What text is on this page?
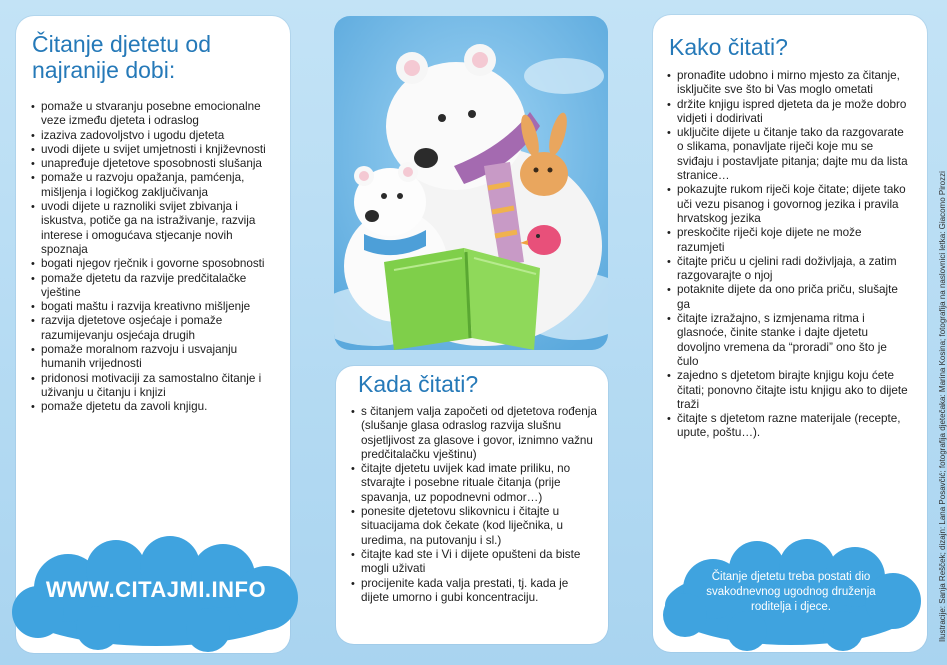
Čitanje djetetu od najranije dobi:
• pomaže u stvaranju posebne emocionalne veze između djeteta i odraslog
• izaziva zadovoljstvo i ugodu djeteta
• uvodi dijete u svijet umjetnosti i književnosti
• unapređuje djetetove sposobnosti slušanja
• pomaže u razvoju opažanja, pamćenja, mišljenja i logičkog zaključivanja
• uvodi dijete u raznoliki svijet zbivanja i iskustva, potiče ga na istraživanje, razvija interese i omogućava stjecanje novih spoznaja
• bogati njegov rječnik i govorne sposobnosti
• pomaže djetetu da razvije predčitalačke vještine
• bogati maštu i razvija kreativno mišljenje
• razvija djetetove osjećaje i pomaže razumijevanju osjećaja drugih
• pomaže moralnom razvoju i usvajanju humanih vrijednosti
• pridonosi motivaciji za samostalno čitanje i uživanju u čitanju i knjizi
• pomaže djetetu da zavoli knjigu.
WWW.CITAJMI.INFO
Kada čitati?
• s čitanjem valja započeti od djetetova rođenja (slušanje glasa odraslog razvija slušnu osjetljivost za glasove i govor, iznimno važnu predčitalačku vještinu)
• čitajte djetetu uvijek kad imate priliku, no stvarajte i posebne rituale čitanja (prije spavanja, uz popodnevni odmor…)
• ponesite djetetovu slikovnicu i čitajte u situacijama dok čekate (kod liječnika, u uredima, na putovanju i sl.)
• čitajte kad ste i Vi i dijete opušteni da biste mogli uživati
• procijenite kada valja prestati, tj. kada je dijete umorno i gubi koncentraciju.
Kako čitati?
• pronađite udobno i mirno mjesto za čitanje, isključite sve što bi Vas moglo ometati
• držite knjigu ispred djeteta da je može dobro vidjeti i dodirivati
• uključite dijete u čitanje tako da razgovarate o slikama, ponavljate riječi koje mu se sviđaju i postavljate pitanja; dajte mu da lista stranice…
• pokazujte rukom riječi koje čitate; dijete tako uči vezu pisanog i govornog jezika i pravila hrvatskog jezika
• preskočite riječi koje dijete ne može razumjeti
• čitajte priču u cjelini radi doživljaja, a zatim razgovarajte o njoj
• potaknite dijete da ono priča priču, slušajte ga
• čitajte izražajno, s izmjenama ritma i glasnoće, činite stanke i dajte djetetu dovoljno vremena da “proradi” ono što je čulo
• zajedno s djetetom birajte knjigu koju ćete čitati; ponovno čitajte istu knjigu ako to dijete traži
• čitajte s djetetom razne materijale (recepte, upute, poštu…).
Čitanje djetetu treba postati dio svakodnevnog ugodnog druženja roditelja i djece.	Ilustracije: Sanja Rešček; dizajn: Lana Posavčić; fotografija djetečaka: Marina Kosina; fotografija na naslovnici letka: Giacomo Pirozzi
